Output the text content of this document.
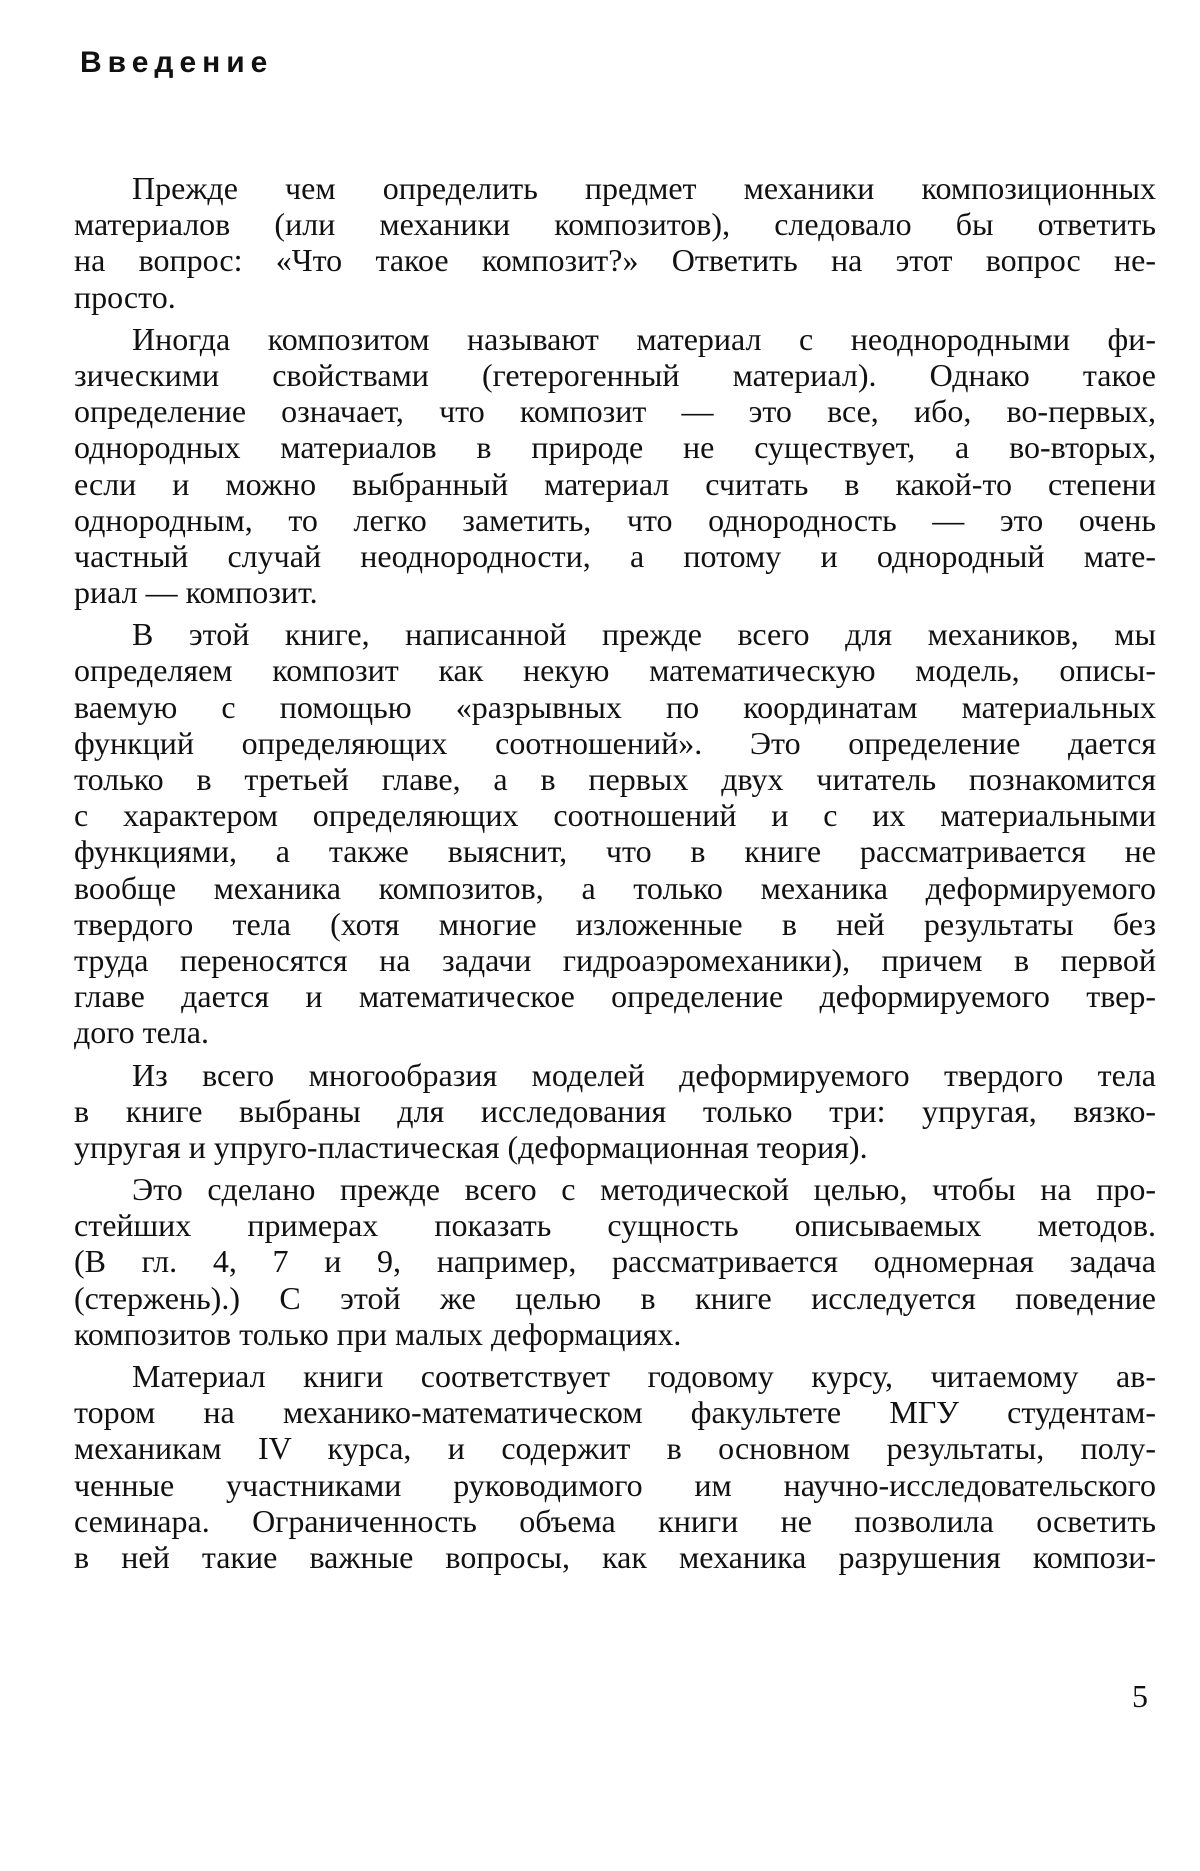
Введение
Прежде чем определить предмет механики композиционных
материалов (или механики композитов), следовало бы ответить
на вопрос: «Что такое композит?» Ответить на этот вопрос не-
просто.
Иногда композитом называют материал с неоднородными фи-
зическими свойствами (гетерогенный материал). Однако такое
определение означает, что композит — это все, ибо, во-первых,
однородных материалов в природе не существует, а во-вторых,
если и можно выбранный материал считать в какой-то степени
однородным, то легко заметить, что однородность — это очень
частный случай неоднородности, а потому и однородный мате-
риал — композит.
В этой книге, написанной прежде всего для механиков, мы
определяем композит как некую математическую модель, описы-
ваемую с помощью «разрывных по координатам материальных
функций определяющих соотношений». Это определение дается
только в третьей главе, а в первых двух читатель познакомится
с характером определяющих соотношений и с их материальными
функциями, а также выяснит, что в книге рассматривается не
вообще механика композитов, а только механика деформируемого
твердого тела (хотя многие изложенные в ней результаты без
труда переносятся на задачи гидроаэромеханики), причем в первой
главе дается и математическое определение деформируемого твер-
дого тела.
Из всего многообразия моделей деформируемого твердого тела
в книге выбраны для исследования только три: упругая, вязко-
упругая и упруго-пластическая (деформационная теория).
Это сделано прежде всего с методической целью, чтобы на про-
стейших примерах показать сущность описываемых методов.
(В гл. 4, 7 и 9, например, рассматривается одномерная задача
(стержень).) С этой же целью в книге исследуется поведение
композитов только при малых деформациях.
Материал книги соответствует годовому курсу, читаемому ав-
тором на механико-математическом факультете МГУ студентам-
механикам IV курса, и содержит в основном результаты, полу-
ченные участниками руководимого им научно-исследовательского
семинара. Ограниченность объема книги не позволила осветить
в ней такие важные вопросы, как механика разрушения компози-
5
